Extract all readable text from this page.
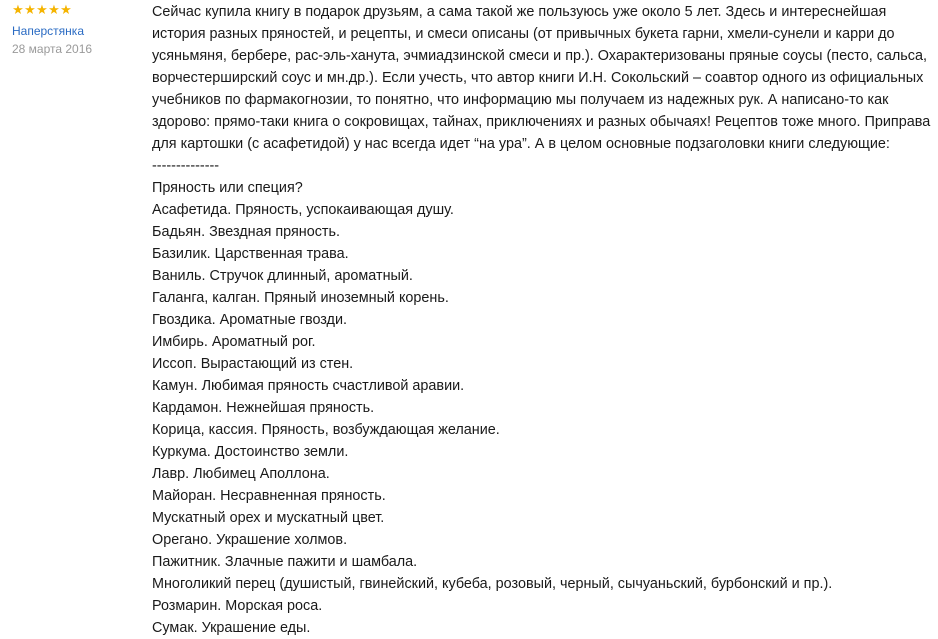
★ ★ ★ ★ ★
Наперстянка
28 марта 2016

Сейчас купила книгу в подарок друзьям, а сама такой же пользуюсь уже около 5 лет. Здесь и интереснейшая история разных пряностей, и рецепты, и смеси описаны (от привычных букета гарни, хмели-сунели и карри до усяньмяня, бербере, рас-эль-ханута, эчмиадзинской смеси и пр.). Охарактеризованы пряные соусы (песто, сальса, ворчестерширский соус и мн.др.). Если учесть, что автор книги И.Н. Сокольский – соавтор одного из официальных учебников по фармакогнозии, то понятно, что информацию мы получаем из надежных рук. А написано-то как здорово: прямо-таки книга о сокровищах, тайнах, приключениях и разных обычаях! Рецептов тоже много. Приправа для картошки (с асафетидой) у нас всегда идет “на ура”. А в целом основные подзаголовки книги следующие:

--------------

Пряность или специя?

Асафетида. Пряность, успокаивающая душу.

Бадьян. Звездная пряность.

Базилик. Царственная трава.

Ваниль. Стручок длинный, ароматный.

Галанга, калган. Пряный иноземный корень.

Гвоздика. Ароматные гвозди.

Имбирь. Ароматный рог.

Иссоп. Вырастающий из стен.

Камун. Любимая пряность счастливой аравии.

Кардамон. Нежнейшая пряность.

Корица, кассия. Пряность, возбуждающая желание.

Куркума. Достоинство земли.

Лавр. Любимец Аполлона.

Майоран. Несравненная пряность.

Мускатный орех и мускатный цвет.

Орегано. Украшение холмов.

Пажитник. Злачные пажити и шамбала.

Многоликий перец (душистый, гвинейский, кубеба, розовый, черный, сычуаньский, бурбонский и пр.).

Розмарин. Морская роса.

Сумак. Украшение еды.
